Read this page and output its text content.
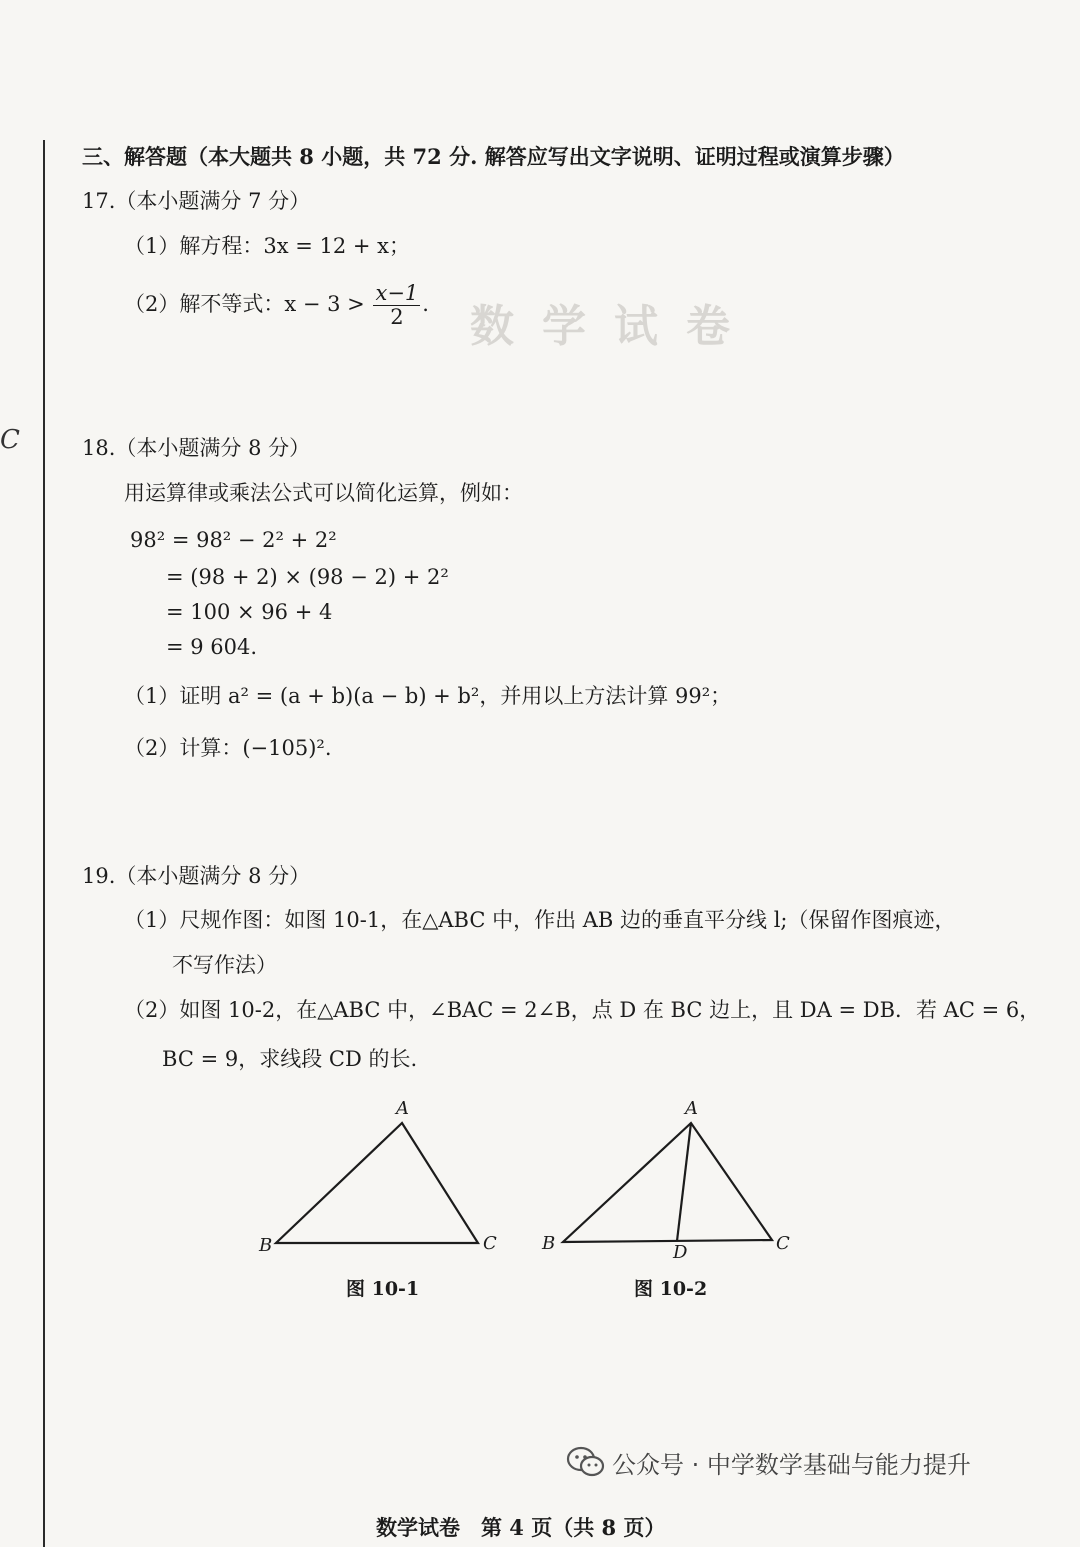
C
数学试卷
三、解答题（本大题共 8 小题，共 72 分. 解答应写出文字说明、证明过程或演算步骤）
17.（本小题满分 7 分）
（1）解方程：3x = 12 + x；
（2）解不等式：$x - 3 > \frac{x-1}{2}$ .
18.（本小题满分 8 分）
用运算律或乘法公式可以简化运算，例如：
98² = 98² − 2² + 2²
= (98 + 2) × (98 − 2) + 2²
= 100 × 96 + 4
= 9 604.
（1）证明 a² = (a + b)(a − b) + b²，并用以上方法计算 99²；
（2）计算：(−105)².
19.（本小题满分 8 分）
（1）尺规作图：如图 10-1，在△ABC 中，作出 AB 边的垂直平分线 l;（保留作图痕迹，
不写作法）
（2）如图 10-2，在△ABC 中，∠BAC = 2∠B，点 D 在 BC 边上，且 DA = DB．若 AC = 6，
BC = 9，求线段 CD 的长.
A
B	C
图 10-1
A
B	D	C
图 10-2
公众号 · 中学数学基础与能力提升
数学试卷　第 4 页（共 8 页）
